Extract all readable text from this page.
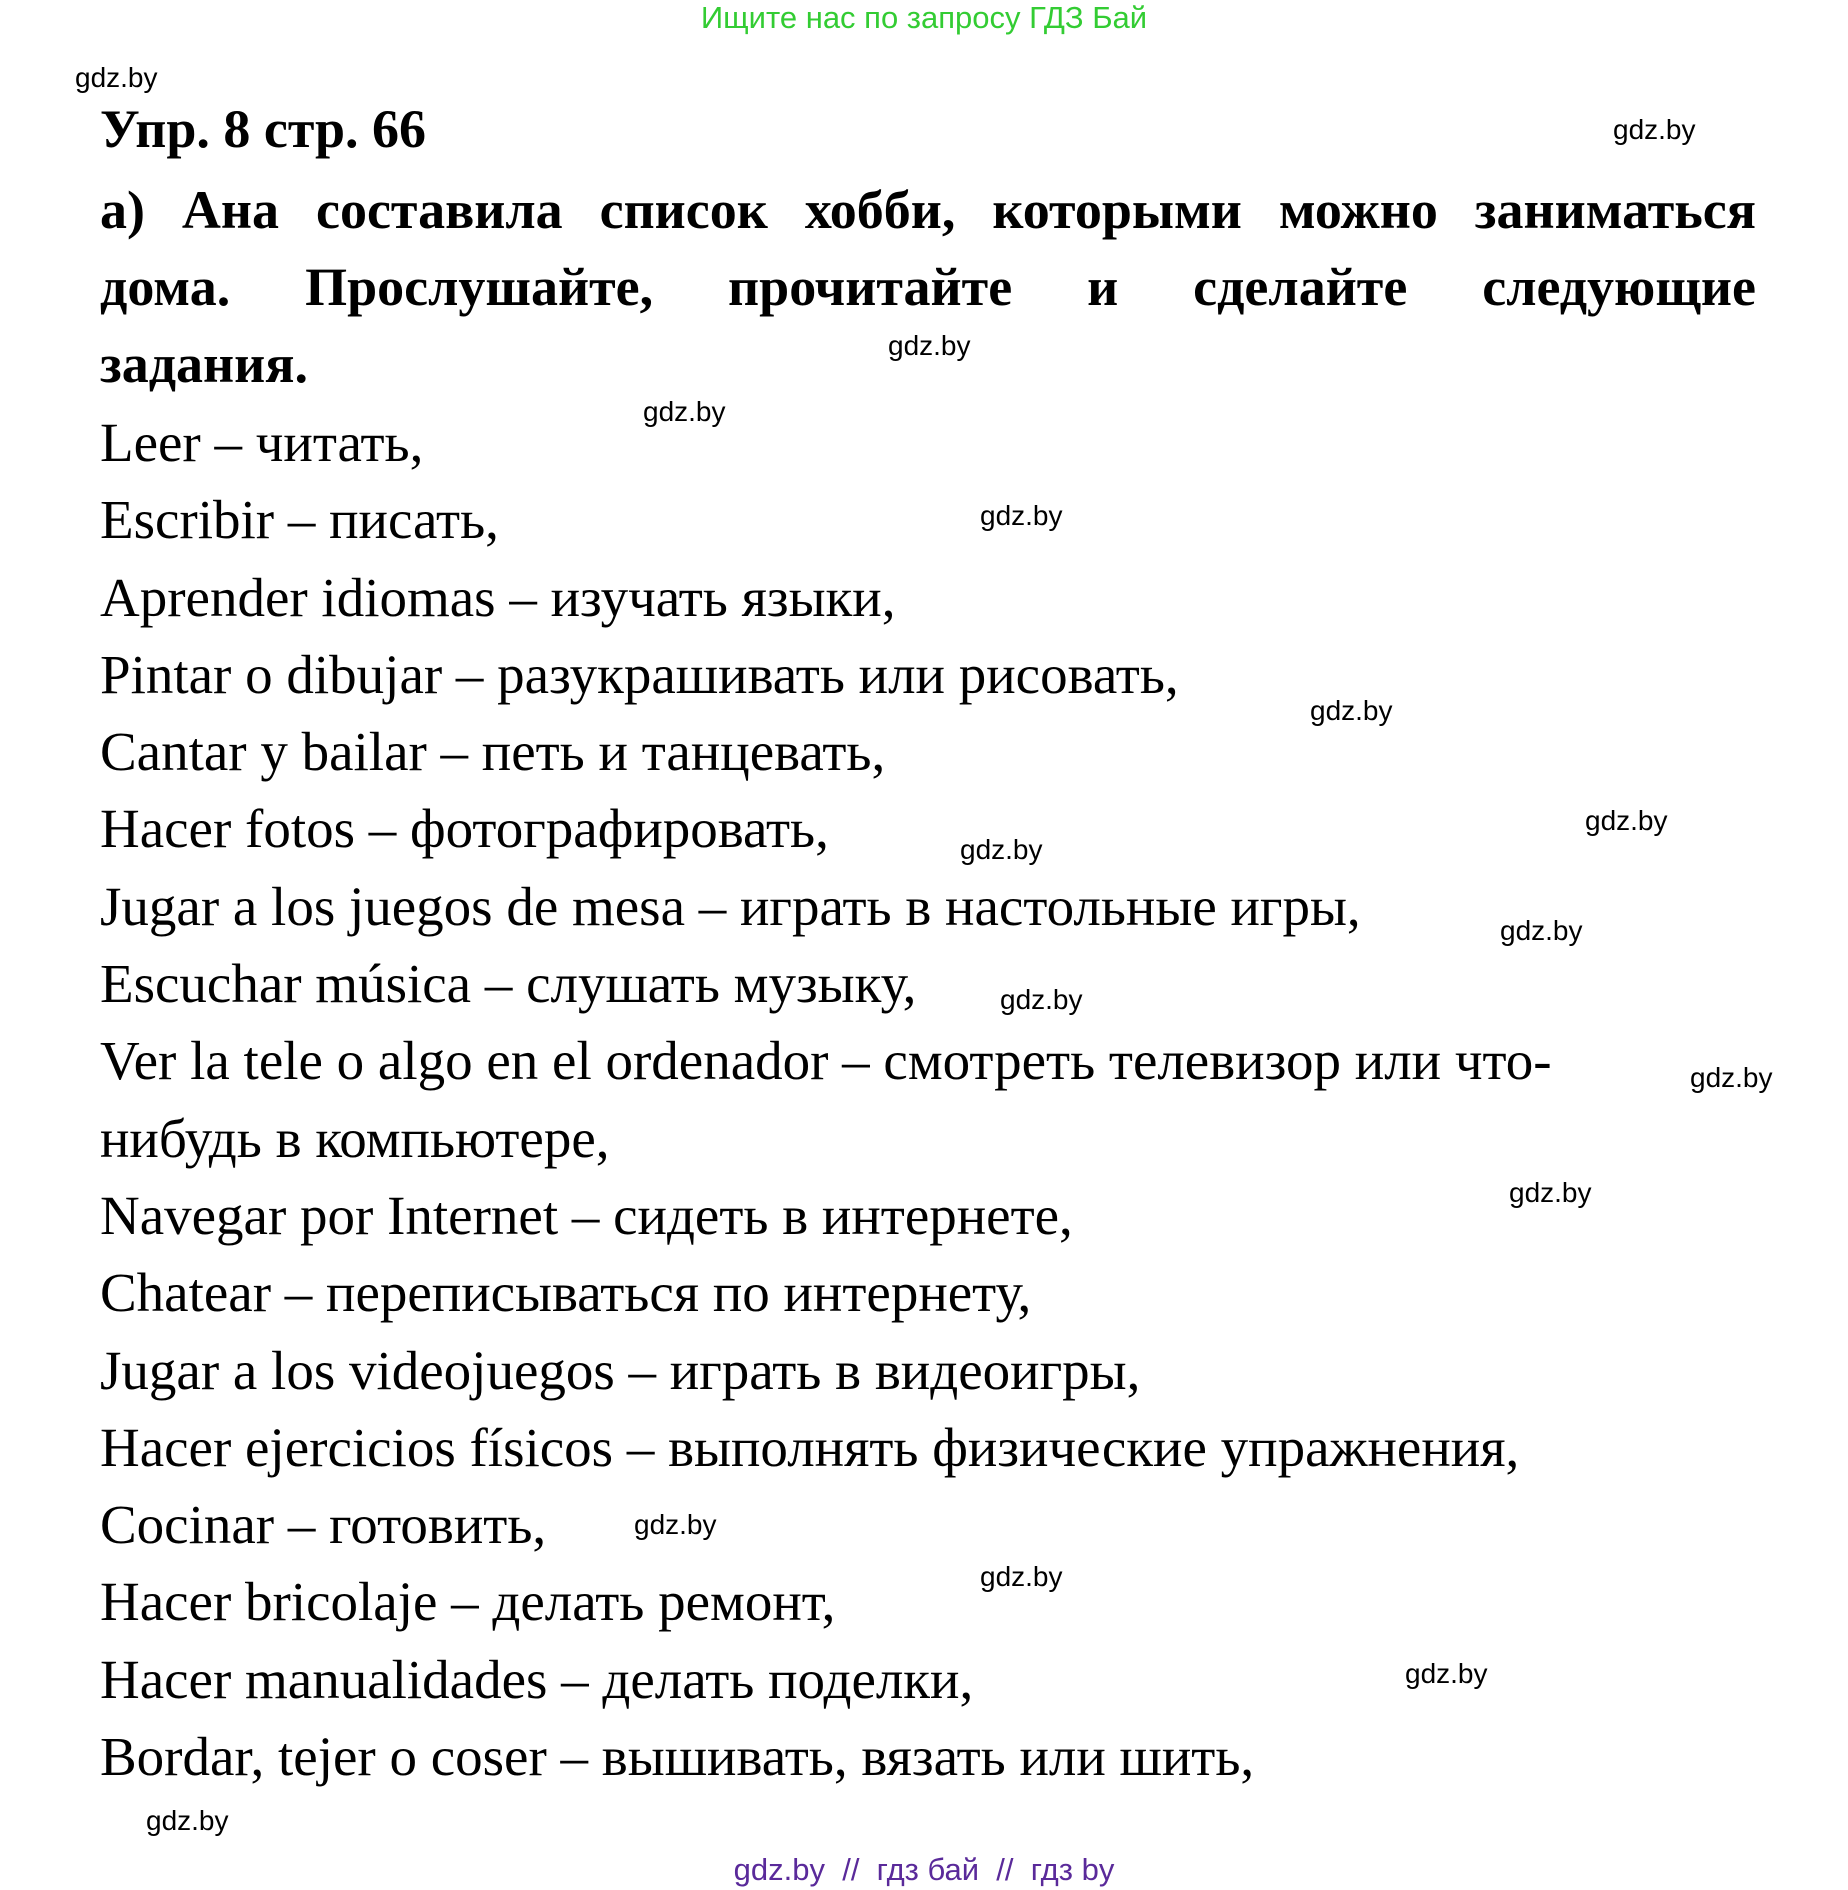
Ищите нас по запросу ГДЗ Бай
Упр. 8 стр. 66
а) Ана составила список хобби, которыми можно заниматься
дома. Прослушайте, прочитайте и сделайте следующие
задания.
Leer – читать,
Escribir – писать,
Aprender idiomas – изучать языки,
Pintar o dibujar – разукрашивать или рисовать,
Cantar y bailar – петь и танцевать,
Hacer fotos – фотографировать,
Jugar a los juegos de mesa – играть в настольные игры,
Escuchar música – слушать музыку,
Ver la tele o algo en el ordenador – смотреть телевизор или что-
нибудь в компьютере,
Navegar por Internet – сидеть в интернете,
Chatear – переписываться по интернету,
Jugar a los videojuegos – играть в видеоигры,
Hacer ejercicios físicos – выполнять физические упражнения,
Cocinar – готовить,
Hacer bricolaje – делать ремонт,
Hacer manualidades – делать поделки,
Bordar, tejer o coser – вышивать, вязать или шить,
gdz.by
gdz.by
gdz.by
gdz.by
gdz.by
gdz.by
gdz.by
gdz.by
gdz.by
gdz.by
gdz.by
gdz.by
gdz.by
gdz.by
gdz.by
gdz.by
gdz.by  //  гдз бай  //  гдз by
